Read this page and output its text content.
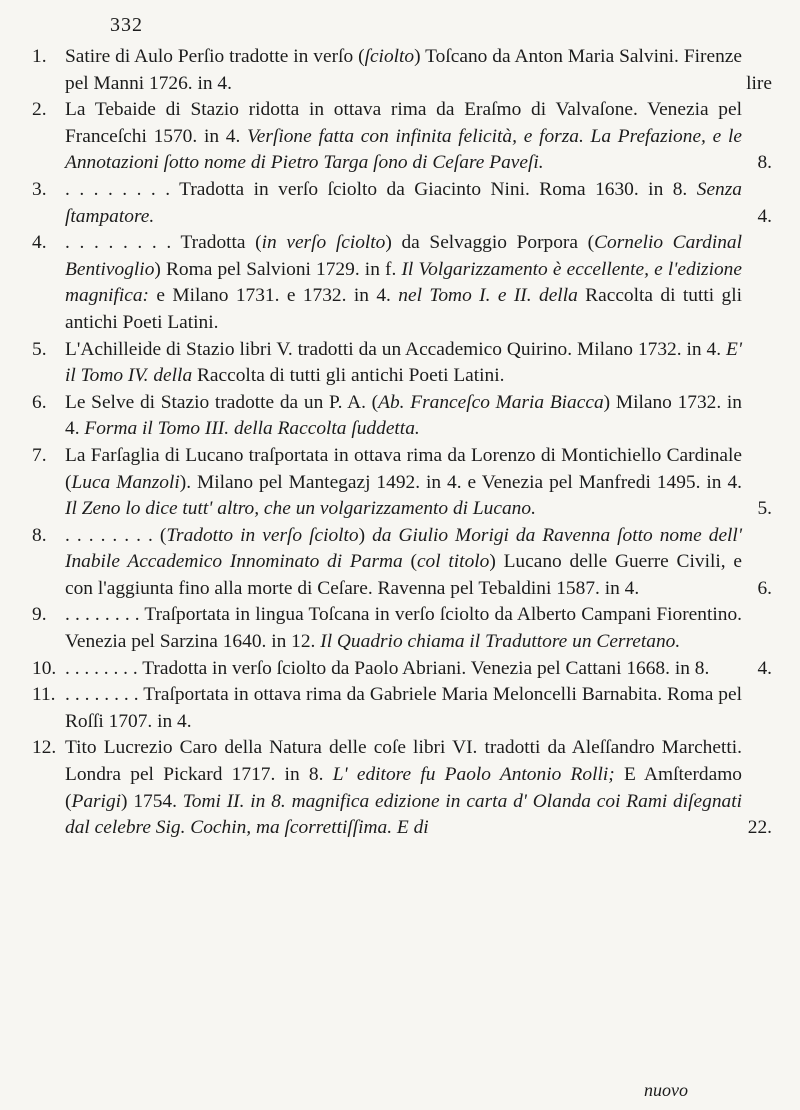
332
1. Satire di Aulo Perſio tradotte in verſo (ſciolto) Toſcano da Anton Maria Salvini. Firenze pel Manni 1726. in 4.	lire
2. La Tebaide di Stazio ridotta in ottava rima da Eraſmo di Valvaſone. Venezia pel Franceſchi 1570. in 4. Verſione fatta con infinita felicità, e forza. La Prefazione, e le Annotazioni ſotto nome di Pietro Targa ſono di Ceſare Paveſi.	8.
3. . . . . . . . . Tradotta in verſo ſciolto da Giacinto Nini. Roma 1630. in 8. Senza ſtampatore.	4.
4. . . . . . . . . Tradotta (in verſo ſciolto) da Selvaggio Porpora (Cornelio Cardinal Bentivoglio) Roma pel Salvioni 1729. in f. Il Volgarizzamento è eccellente, e l'edizione magnifica: e Milano 1731. e 1732. in 4. nel Tomo I. e II. della Raccolta di tutti gli antichi Poeti Latini.
5. L'Achilleide di Stazio libri V. tradotti da un Accademico Quirino. Milano 1732. in 4. E' il Tomo IV. della Raccolta di tutti gli antichi Poeti Latini.
6. Le Selve di Stazio tradotte da un P. A. (Ab. Franceſco Maria Biacca) Milano 1732. in 4. Forma il Tomo III. della Raccolta ſuddetta.
7. La Farſaglia di Lucano traſportata in ottava rima da Lorenzo di Montichiello Cardinale (Luca Manzoli). Milano pel Mantegazj 1492. in 4. e Venezia pel Manfredi 1495. in 4. Il Zeno lo dice tutt' altro, che un volgarizzamento di Lucano.	5.
8. . . . . . . . . (Tradotto in verſo ſciolto) da Giulio Morigi da Ravenna ſotto nome dell' Inabile Accademico Innominato di Parma (col titolo) Lucano delle Guerre Civili, e con l'aggiunta fino alla morte di Ceſare. Ravenna pel Tebaldini 1587. in 4.	6.
9. . . . . . . . . Traſportata in lingua Toſcana in verſo ſciolto da Alberto Campani Fiorentino. Venezia pel Sarzina 1640. in 12. Il Quadrio chiama il Traduttore un Cerretano.
10. . . . . . . . . Tradotta in verſo ſciolto da Paolo Abriani. Venezia pel Cattani 1668. in 8.	4.
11. . . . . . . . . Traſportata in ottava rima da Gabriele Maria Meloncelli Barnabita. Roma pel Roſſi 1707. in 4.
12. Tito Lucrezio Caro della Natura delle coſe libri VI. tradotti da Aleſſandro Marchetti. Londra pel Pickard 1717. in 8. L' editore fu Paolo Antonio Rolli; E Amſterdamo (Parigi) 1754. Tomi II. in 8. magnifica edizione in carta d' Olanda coi Rami diſegnati dal celebre Sig. Cochin, ma ſcorrettiſſima. E di	22.
nuovo
